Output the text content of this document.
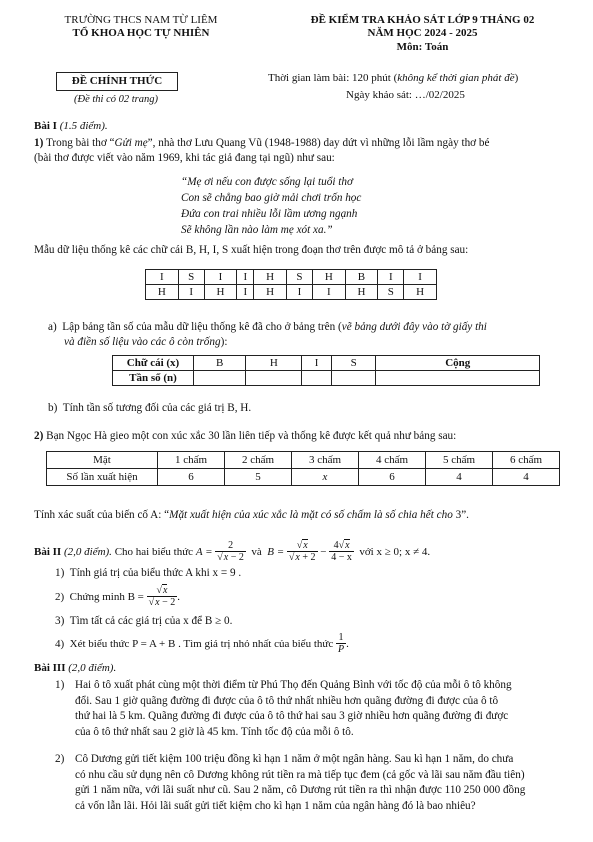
TRƯỜNG THCS NAM TỪ LIÊM
TỔ KHOA HỌC TỰ NHIÊN
ĐỀ CHÍNH THỨC
(Đề thi có 02 trang)
ĐỀ KIỂM TRA KHẢO SÁT LỚP 9 THÁNG 02
NĂM HỌC 2024 - 2025
Môn: Toán
Thời gian làm bài: 120 phút (không kể thời gian phát đề)
Ngày khảo sát: …/02/2025
Bài I (1.5 điểm).
1) Trong bài thơ “Gửi mẹ”, nhà thơ Lưu Quang Vũ (1948-1988) day dứt vì những lỗi lầm ngày thơ bé
(bài thơ được viết vào năm 1969, khi tác giả đang tại ngũ) như sau:
“Mẹ ơi nếu con được sống lại tuổi thơ
Con sẽ chẳng bao giờ mải chơi trốn học
Đứa con trai nhiều lỗi lầm ương ngạnh
Sẽ không lần nào làm mẹ xót xa.”
Mẫu dữ liệu thống kê các chữ cái B, H, I, S xuất hiện trong đoạn thơ trên được mô tả ở bảng sau:
I	S	I	I	H	S	H	B	I	I
H	I	H	I	H	I	I	H	S	H
a) Lập bảng tần số của mẫu dữ liệu thống kê đã cho ở bảng trên (vẽ bảng dưới đây vào tờ giấy thi
và điền số liệu vào các ô còn trống):
Chữ cái (x)	B	H	I	S	Cộng
Tần số (n)					
b) Tính tần số tương đối của các giá trị B, H.
2) Bạn Ngọc Hà gieo một con xúc xắc 30 lần liên tiếp và thống kê được kết quả như bảng sau:
Mặt	1 chấm	2 chấm	3 chấm	4 chấm	5 chấm	6 chấm
Số lần xuất hiện	6	5	x	6	4	4
Tính xác suất của biến cố A: “Mặt xuất hiện của xúc xắc là mặt có số chấm là số chia hết cho 3”.
Bài II (2,0 điểm). Cho hai biểu thức $A = \frac{2}{√x - 2}$ và $B = \frac{√x}{√x + 2} - \frac{4√x}{4 - x}$ với x ≥ 0; x ≠ 4.
1) Tính giá trị của biểu thức A khi x = 9 .
2) Chứng minh $B = \frac{√x}{√x - 2}$ .
3) Tìm tất cả các giá trị của x để B ≥ 0.
4) Xét biểu thức P = A + B . Tìm giá trị nhỏ nhất của biểu thức $\frac{1}{P}$ .
Bài III (2,0 điểm).
1) Hai ô tô xuất phát cùng một thời điểm từ Phú Thọ đến Quảng Bình với tốc độ của mỗi ô tô không
đổi. Sau 1 giờ quãng đường đi được của ô tô thứ nhất nhiều hơn quãng đường đi được của ô tô
thứ hai là 5 km. Quãng đường đi được của ô tô thứ hai sau 3 giờ nhiều hơn quãng đường đi được
của ô tô thứ nhất sau 2 giờ là 45 km. Tính tốc độ của mỗi ô tô.
2) Cô Dương gửi tiết kiệm 100 triệu đồng kì hạn 1 năm ở một ngân hàng. Sau kì hạn 1 năm, do chưa
có nhu cầu sử dụng nên cô Dương không rút tiền ra mà tiếp tục đem (cả gốc và lãi sau năm đầu tiên)
gửi 1 năm nữa, với lãi suất như cũ. Sau 2 năm, cô Dương rút tiền ra thì nhận được 110 250 000 đồng
cả vốn lẫn lãi. Hỏi lãi suất gửi tiết kiệm cho kì hạn 1 năm của ngân hàng đó là bao nhiêu?
